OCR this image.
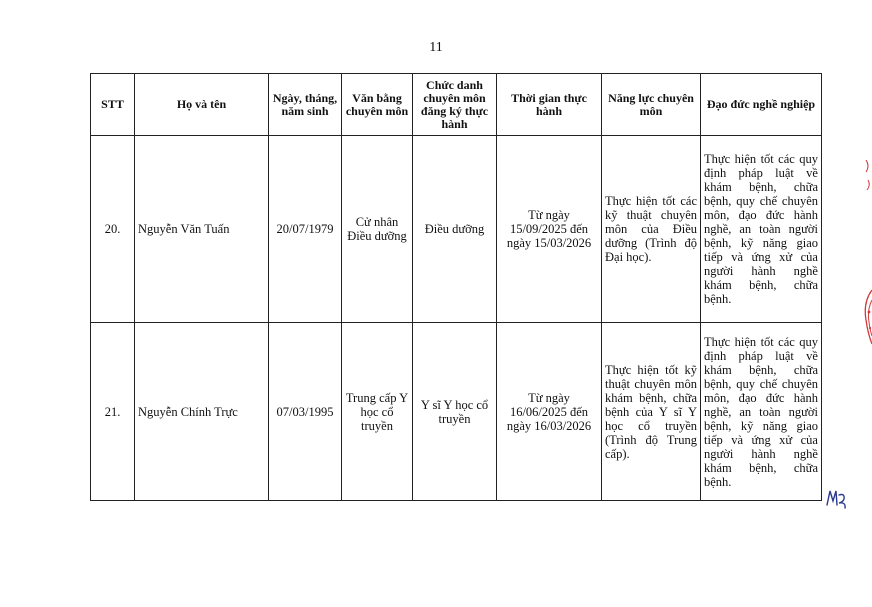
11
STT	Họ và tên	Ngày, tháng, năm sinh	Văn bằng chuyên môn	Chức danh chuyên môn đăng ký thực hành	Thời gian thực hành	Năng lực chuyên môn	Đạo đức nghề nghiệp
20.	Nguyễn Văn Tuấn	20/07/1979	Cử nhân Điều dưỡng	Điều dưỡng	Từ ngày 15/09/2025 đến ngày 15/03/2026	Thực hiện tốt các kỹ thuật chuyên môn của Điều dưỡng (Trình độ Đại học).	Thực hiện tốt các quy định pháp luật về khám bệnh, chữa bệnh, quy chế chuyên môn, đạo đức hành nghề, an toàn người bệnh, kỹ năng giao tiếp và ứng xử của người hành nghề khám bệnh, chữa bệnh.
21.	Nguyễn Chính Trực	07/03/1995	Trung cấp Y học cổ truyền	Y sĩ Y học cổ truyền	Từ ngày 16/06/2025 đến ngày 16/03/2026	Thực hiện tốt kỹ thuật chuyên môn khám bệnh, chữa bệnh của Y sĩ Y học cổ truyền (Trình độ Trung cấp).	Thực hiện tốt các quy định pháp luật về khám bệnh, chữa bệnh, quy chế chuyên môn, đạo đức hành nghề, an toàn người bệnh, kỹ năng giao tiếp và ứng xử của người hành nghề khám bệnh, chữa bệnh.
